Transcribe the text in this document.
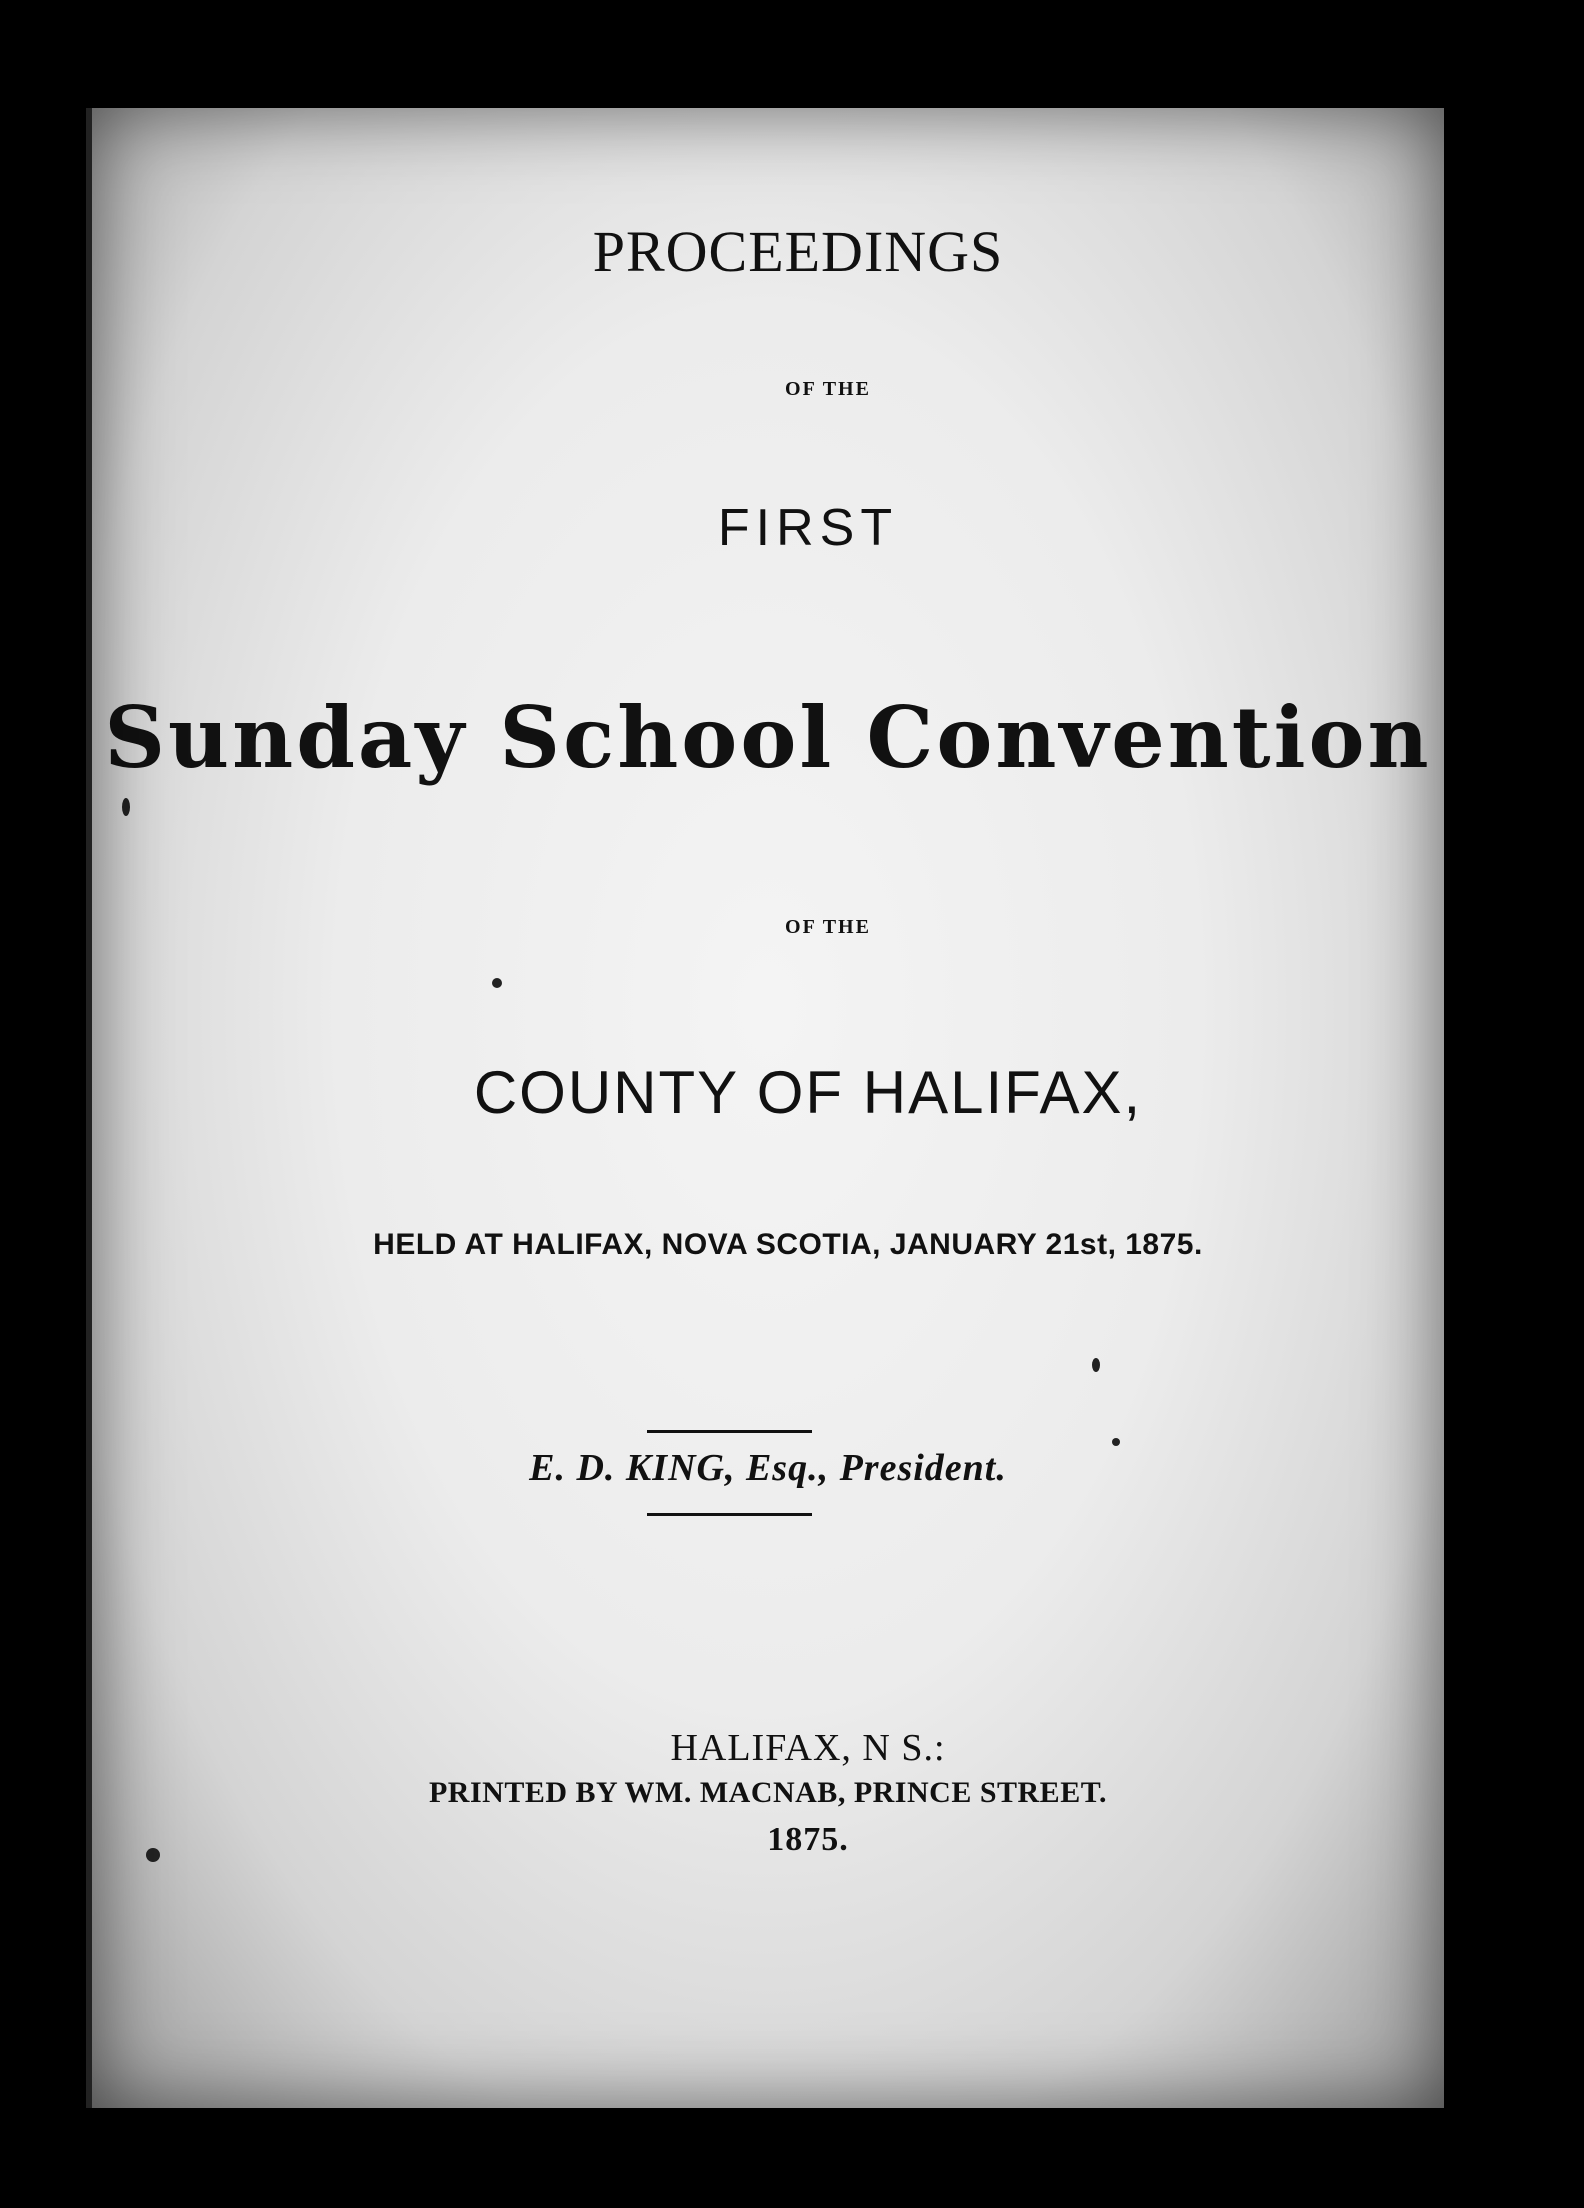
PROCEEDINGS
OF THE
FIRST
Sunday School Convention
OF THE
COUNTY OF HALIFAX,
HELD AT HALIFAX, NOVA SCOTIA, JANUARY 21st, 1875.
E. D. KING, Esq., President.
HALIFAX, N S.:
PRINTED BY WM. MACNAB, PRINCE STREET.
1875.
